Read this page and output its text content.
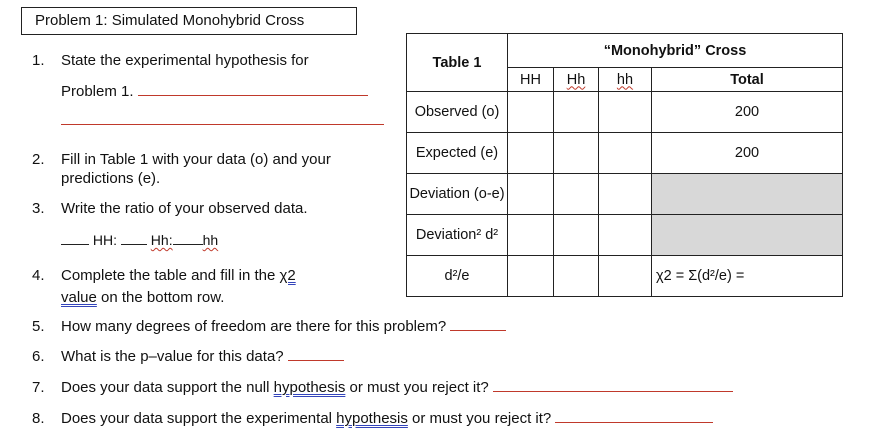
Problem 1: Simulated Monohybrid Cross
1. State the experimental hypothesis for
Problem 1.
2. Fill in Table 1 with your data (o) and your
predictions (e).
3. Write the ratio of your observed data.
HH: Hh: hh
4. Complete the table and fill in the χ2
value on the bottom row.
5. How many degrees of freedom are there for this problem?
6. What is the p–value for this data?
7. Does your data support the null hypothesis or must you reject it?
8. Does your data support the experimental hypothesis or must you reject it?
Table 1	“Monohybrid” Cross			
	HH	Hh	hh	Total
Observed (o)				200
Expected (e)				200
Deviation (o-e)				
Deviation² d²				
d²/e				χ2 = Σ(d²/e) =
